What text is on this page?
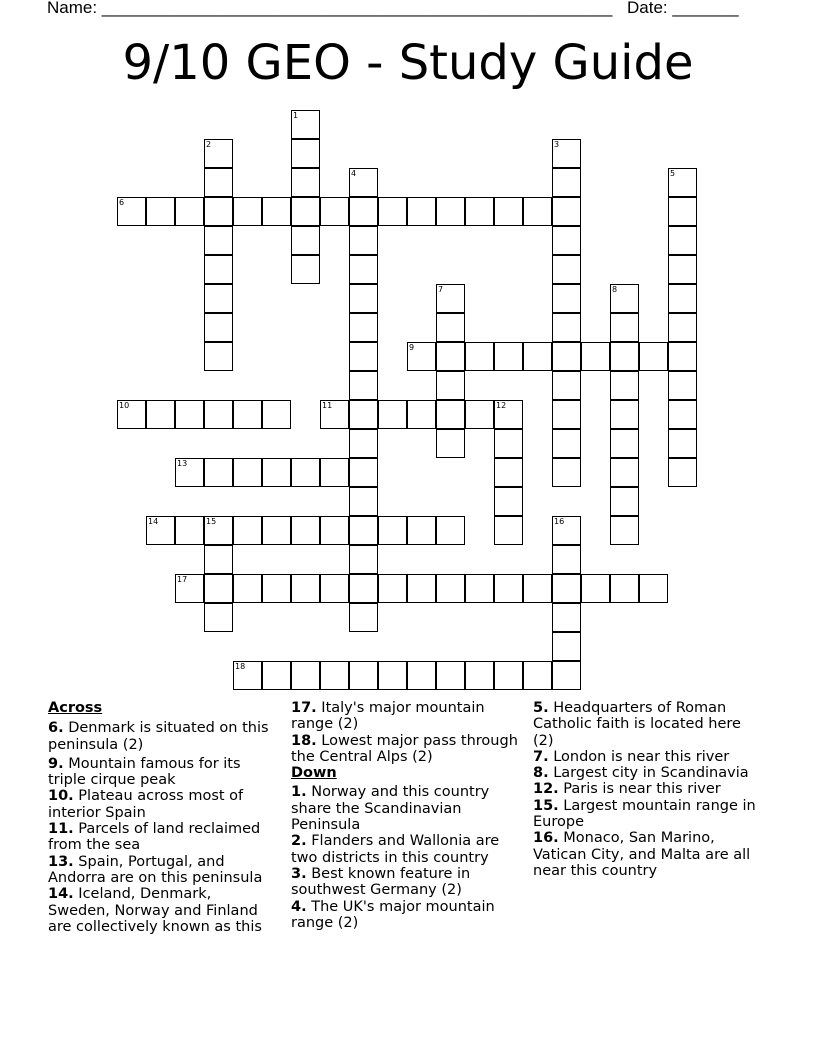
Name: ______________________________________________________ Date: _______
9/10 GEO - Study Guide
1
2	3
4	5
6
7	8
9
10	11	12
13
14	15	16
17
18
Across
6. Denmark is situated on this peninsula (2)
9. Mountain famous for its triple cirque peak
10. Plateau across most of interior Spain
11. Parcels of land reclaimed from the sea
13. Spain, Portugal, and Andorra are on this peninsula
14. Iceland, Denmark, Sweden, Norway and Finland are collectively known as this
17. Italy's major mountain range (2)
18. Lowest major pass through the Central Alps (2)
Down
1. Norway and this country share the Scandinavian Peninsula
2. Flanders and Wallonia are two districts in this country
3. Best known feature in southwest Germany (2)
4. The UK's major mountain range (2)
5. Headquarters of Roman Catholic faith is located here (2)
7. London is near this river
8. Largest city in Scandinavia
12. Paris is near this river
15. Largest mountain range in Europe
16. Monaco, San Marino, Vatican City, and Malta are all near this country
